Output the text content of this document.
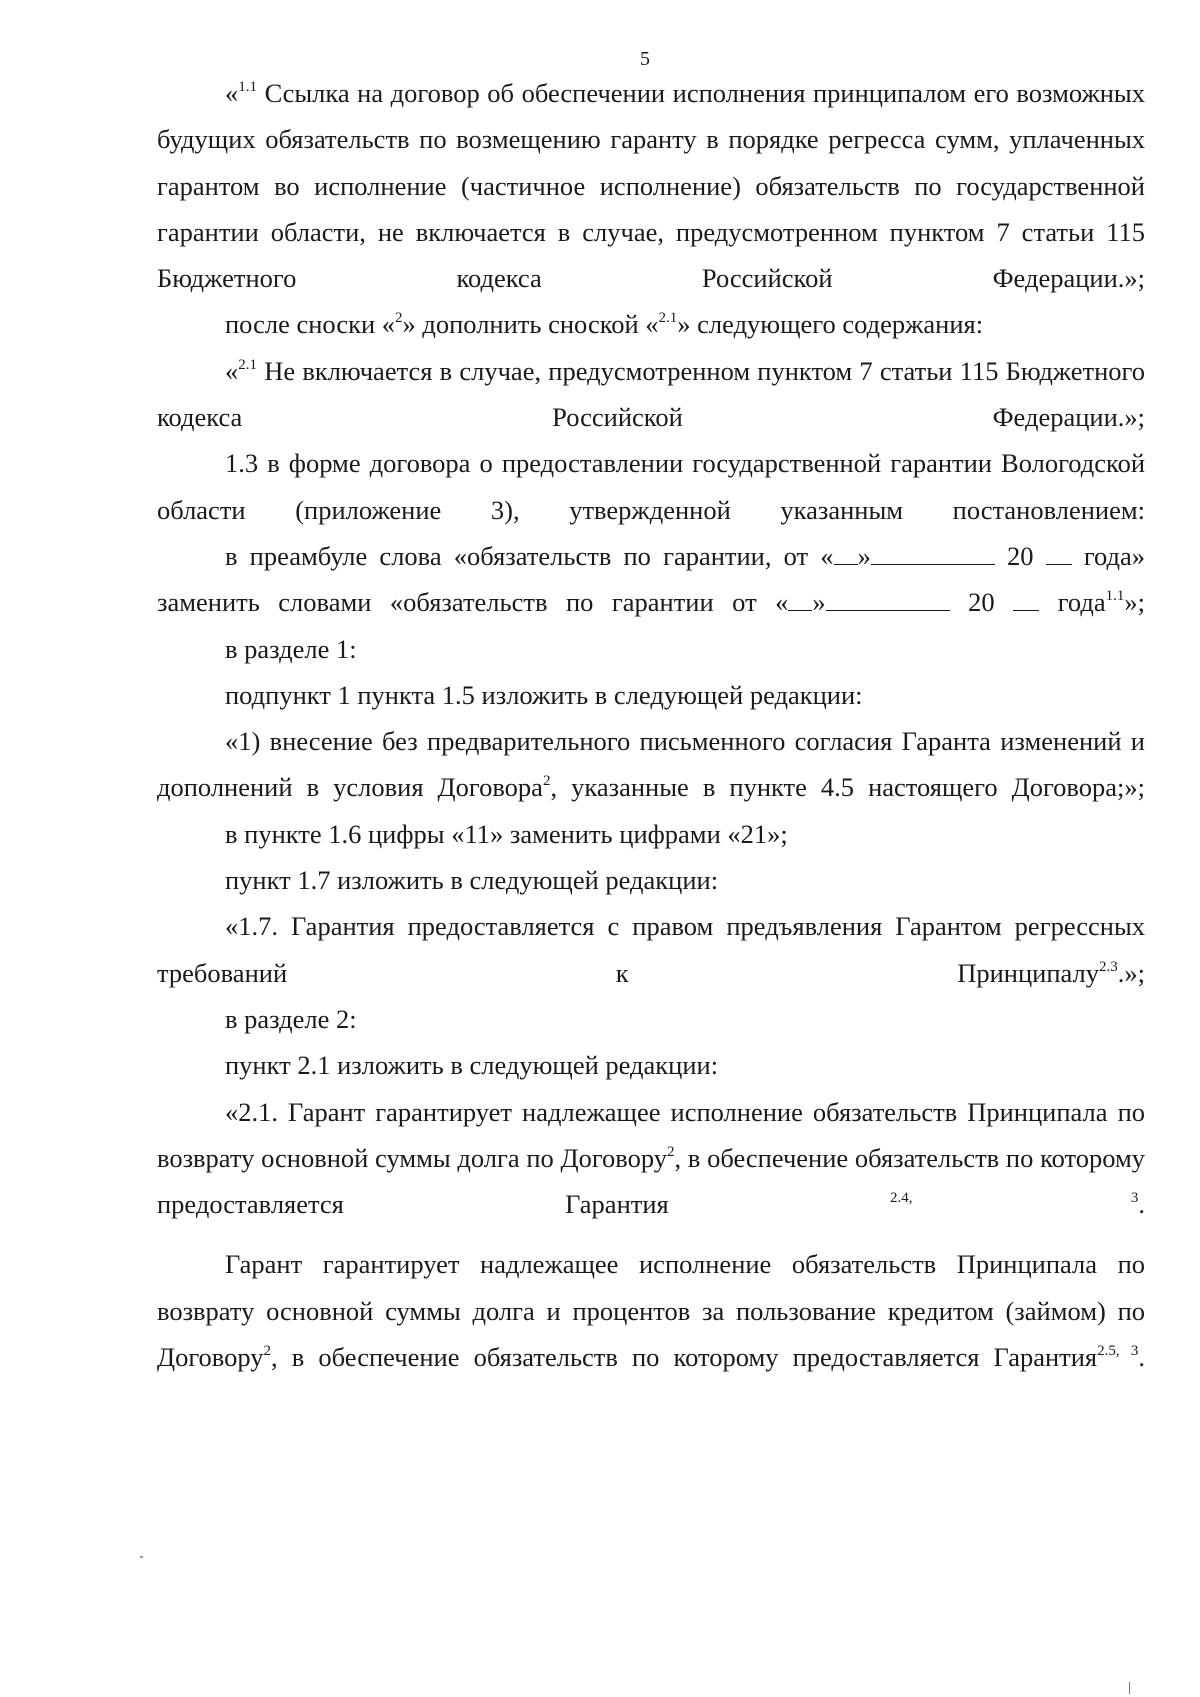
5

«$^{1.1}$ Ссылка на договор об обеспечении исполнения принципалом его возможных будущих обязательств по возмещению гаранту в порядке регресса сумм, уплаченных гарантом во исполнение (частичное исполнение) обязательств по государственной гарантии области, не включается в случае, предусмотренном пунктом 7 статьи 115 Бюджетного кодекса Российской Федерации.»;

после сноски «$^2$» дополнить сноской «$^{2.1}$» следующего содержания:

«$^{2.1}$ Не включается в случае, предусмотренном пунктом 7 статьи 115 Бюджетного кодекса Российской Федерации.»;

1.3 в форме договора о предоставлении государственной гарантии Вологодской области (приложение 3), утвержденной указанным постановлением:

в преамбуле слова «обязательств по гарантии, от « »	20  года» заменить словами «обязательств по гарантии от « »	20  года$^{1.1}$»;

в разделе 1:

подпункт 1 пункта 1.5 изложить в следующей редакции:

«1) внесение без предварительного письменного согласия Гаранта изменений и дополнений в условия Договора$^2$, указанные в пункте 4.5 настоящего Договора;»;

в пункте 1.6 цифры «11» заменить цифрами «21»;

пункт 1.7 изложить в следующей редакции:

«1.7. Гарантия предоставляется с правом предъявления Гарантом регрессных требований к Принципалу$^{2.3}$.»;

в разделе 2:

пункт 2.1 изложить в следующей редакции:

«2.1. Гарант гарантирует надлежащее исполнение обязательств Принципала по возврату основной суммы долга по Договору$^2$, в обеспечение обязательств по которому предоставляется Гарантия $^{2.4, 3}$.

Гарант гарантирует надлежащее исполнение обязательств Принципала по возврату основной суммы долга и процентов за пользование кредитом (займом) по Договору$^2$, в обеспечение обязательств по которому предоставляется Гарантия$^{2.5, 3}$.
